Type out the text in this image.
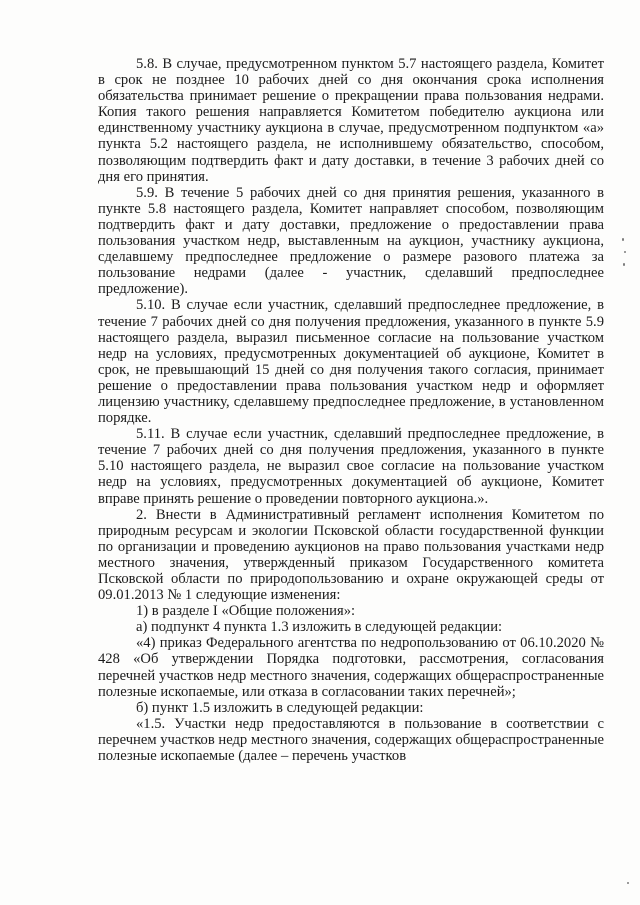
5.8. В случае, предусмотренном пунктом 5.7 настоящего раздела, Комитет в срок не позднее 10 рабочих дней со дня окончания срока исполнения обязательства принимает решение о прекращении права пользования недрами. Копия такого решения направляется Комитетом победителю аукциона или единственному участнику аукциона в случае, предусмотренном подпунктом «а» пункта 5.2 настоящего раздела, не исполнившему обязательство, способом, позволяющим подтвердить факт и дату доставки, в течение 3 рабочих дней со дня его принятия.

5.9. В течение 5 рабочих дней со дня принятия решения, указанного в пункте 5.8 настоящего раздела, Комитет направляет способом, позволяющим подтвердить факт и дату доставки, предложение о предоставлении права пользования участком недр, выставленным на аукцион, участнику аукциона, сделавшему предпоследнее предложение о размере разового платежа за пользование недрами (далее - участник, сделавший предпоследнее предложение).

5.10. В случае если участник, сделавший предпоследнее предложение, в течение 7 рабочих дней со дня получения предложения, указанного в пункте 5.9 настоящего раздела, выразил письменное согласие на пользование участком недр на условиях, предусмотренных документацией об аукционе, Комитет в срок, не превышающий 15 дней со дня получения такого согласия, принимает решение о предоставлении права пользования участком недр и оформляет лицензию участнику, сделавшему предпоследнее предложение, в установленном порядке.

5.11. В случае если участник, сделавший предпоследнее предложение, в течение 7 рабочих дней со дня получения предложения, указанного в пункте 5.10 настоящего раздела, не выразил свое согласие на пользование участком недр на условиях, предусмотренных документацией об аукционе, Комитет вправе принять решение о проведении повторного аукциона.».

2. Внести в Административный регламент исполнения Комитетом по природным ресурсам и экологии Псковской области государственной функции по организации и проведению аукционов на право пользования участками недр местного значения, утвержденный приказом Государственного комитета Псковской области по природопользованию и охране окружающей среды от 09.01.2013 № 1 следующие изменения:

1) в разделе I «Общие положения»:

а) подпункт 4 пункта 1.3 изложить в следующей редакции:

«4) приказ Федерального агентства по недропользованию от 06.10.2020 № 428 «Об утверждении Порядка подготовки, рассмотрения, согласования перечней участков недр местного значения, содержащих общераспространенные полезные ископаемые, или отказа в согласовании таких перечней»;

б) пункт 1.5 изложить в следующей редакции:

«1.5. Участки недр предоставляются в пользование в соответствии с перечнем участков недр местного значения, содержащих общераспространенные полезные ископаемые (далее – перечень участков
